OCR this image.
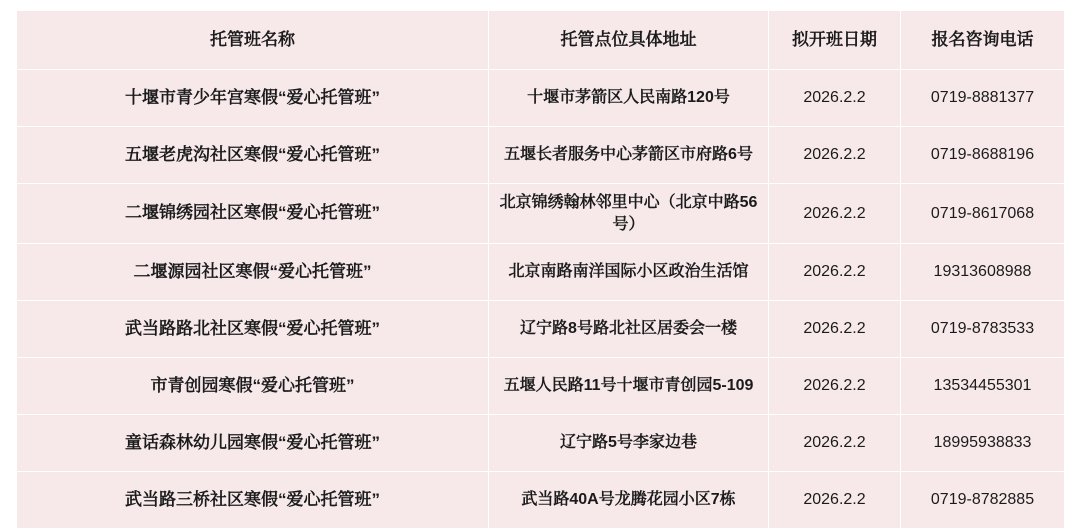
托管班名称	托管点位具体地址	拟开班日期	报名咨询电话
十堰市青少年宫寒假“爱心托管班”	十堰市茅箭区人民南路120号	2026.2.2	0719-8881377
五堰老虎沟社区寒假“爱心托管班”	五堰长者服务中心茅箭区市府路6号	2026.2.2	0719-8688196
二堰锦绣园社区寒假“爱心托管班”	北京锦绣翰林邻里中心（北京中路56号）	2026.2.2	0719-8617068
二堰源园社区寒假“爱心托管班”	北京南路南洋国际小区政治生活馆	2026.2.2	19313608988
武当路路北社区寒假“爱心托管班”	辽宁路8号路北社区居委会一楼	2026.2.2	0719-8783533
市青创园寒假“爱心托管班”	五堰人民路11号十堰市青创园5-109	2026.2.2	13534455301
童话森林幼儿园寒假“爱心托管班”	辽宁路5号李家边巷	2026.2.2	18995938833
武当路三桥社区寒假“爱心托管班”	武当路40A号龙腾花园小区7栋	2026.2.2	0719-8782885
